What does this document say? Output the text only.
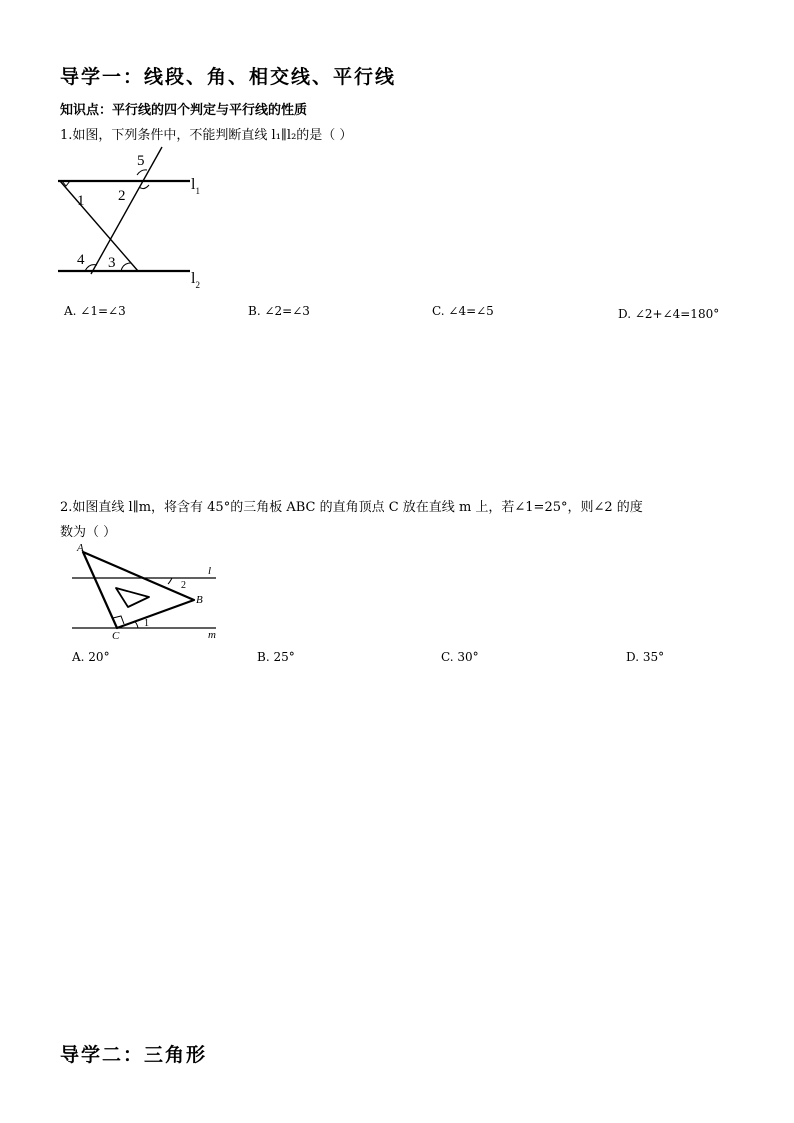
导学一：线段、角、相交线、平行线
知识点：平行线的四个判定与平行线的性质
1.如图，下列条件中，不能判断直线 l₁∥l₂的是（ ）
1 2
5
4 3
$l_1$
$l_2$
A. ∠1=∠3	B. ∠2=∠3	C. ∠4=∠5	D. ∠2+∠4=180°
2.如图直线 l∥m，将含有 45°的三角板 ABC 的直角顶点 C 放在直线 m 上，若∠1=25°，则∠2 的度
数为（ ）
A
B
C
l
m
1
2
A. 20°	B. 25°	C. 30°	D. 35°
导学二：三角形
